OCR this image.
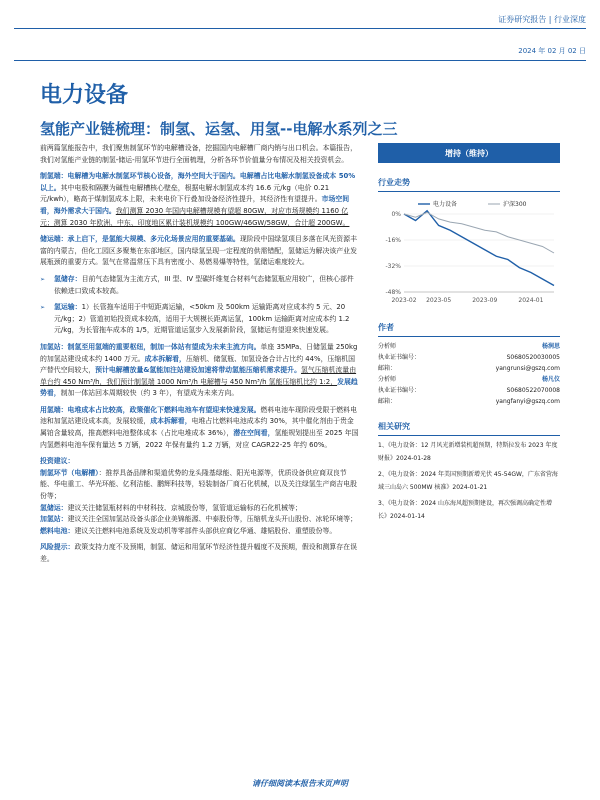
证券研究报告 | 行业深度
2024 年 02 月 02 日
电力设备
氢能产业链梳理：制氢、运氢、用氢--电解水系列之三

前两篇氢能报告中，我们聚焦制氢环节的电解槽设备，挖掘国内电解槽厂商内销与出口机会。本篇报告，我们对氢能产业链的制氢-储运-用氢环节进行全面梳理，分析各环节价值量分布情况及相关投资机会。

制氢端：电解槽为电解水制氢环节核心设备，海外空间大于国内。电解槽占比电解水制氢设备成本 50%以上。其中电极和隔膜为碱性电解槽核心壁垒，根据电解水制氢成本约 16.6 元/kg（电价 0.21 元/kwh），略高于煤制氢成本上限，未来电价下行叠加设备经济性提升，其经济性有望提升。市场空间看，海外需求大于国内。我们测算 2030 年国内电解槽规模有望超 80GW，对应市场规模约 1160 亿元；测算 2030 年欧洲、中东、印度地区累计装机规模约 100GW/46GW/58GW，合计超 200GW。

储运端：承上启下，是氢能大规模、多元化场景应用的重要基础。现阶段中国绿氢项目多落在风光资源丰富的内蒙古，但化工园区多聚集在东部地区，国内绿氢呈现一定程度的供需错配，氢储运为解决该产业发展瓶颈的重要方式。氢气在常温常压下具有密度小、易燃易爆等特性，氢储运难度较大。

➢	氢储存：目前气态储氢为主流方式，III 型、IV 型碳纤维复合材料气态储氢瓶应用较广，但核心部件依赖进口致成本较高。
➢	氢运输：1）长管拖车适用于中短距离运输，<50km 及 500km 运输距离对应成本约 5 元、20 元/kg；2）管道初始投资成本较高，适用于大规模长距离运氢，100km 运输距离对应成本约 1.2 元/kg，为长管拖车成本的 1/5，近期管道运氢步入发展新阶段，氢储运有望迎来快速发展。

加氢站：制氢至用氢端的重要枢纽，制加一体站有望成为未来主流方向。单座 35MPa、日储氢量 250kg 的加氢站建设成本约 1400 万元。成本拆解看，压缩机、储氢瓶、加氢设备合计占比约 44%，压缩机国产替代空间较大，预计电解槽放量&氢能加注站建设加速将带动氢能压缩机需求提升。氢气压缩机流量由单台约 450 Nm³/h，我们预计制氢端 1000 Nm³/h 电解槽与 450 Nm³/h 氢能压缩机比约 1:2，发展趋势看，制加一体站回本周期较快（约 3 年），有望成为未来方向。

用氢端：电堆成本占比较高，政策催化下燃料电池车有望迎来快速发展。燃料电池车现阶段受限于燃料电池和加氢站建设成本高，发展较缓，成本拆解看，电堆占比燃料电池成本约 30%，其中催化剂由于贵金属铂含量较高，推高燃料电池整体成本（占比电堆成本 36%），潜在空间看，氢能规划提出至 2025 年国内氢燃料电池车保有量达 5 万辆，2022 年保有量约 1.2 万辆，对应 CAGR22-25 年约 60%。

投资建议：

制氢环节（电解槽）：推荐具备品牌和渠道优势的龙头隆基绿能、阳光电源等，优质设备供应商双良节能、华电重工、华光环能、亿利洁能、鹏辉科技等，轻装制备厂商石化机械，以及关注绿氢生产商吉电股份等；

氢储运：建议关注储氢瓶材料的中材科技、京城股份等，氢管道运输标的石化机械等；

加氢站：建议关注全国加氢站设备头部企业美锦能源、中泰股份等，压缩机龙头开山股份、冰轮环境等；

燃料电池：建议关注燃料电池系统及发动机等零部件头部供应商亿华通、雄韬股份、重塑股份等。

风险提示：政策支持力度不及预期，制氢、储运和用氢环节经济性提升幅度不及预期，假设和测算存在误差。

增持（维持）
行业走势
0%
-16%
-32%
-48%
2023-02 2023-05	2023-09	2024-01
电力设备	沪深300
作者
分析师	杨润思
执业证书编号：	S0680520030005
邮箱：	yangrunsi@gszq.com
分析师	杨凡仪
执业证书编号：	S0680522070008
邮箱：	yangfanyi@gszq.com
相关研究
1、《电力设备：12 月风光新增装机超预期，特斯拉发布 2023 年度财报》2024-01-28
2、《电力设备：2024 年美国预期新增光伏 45-54GW，广东省营海域三山岛六 500MW 核准》2024-01-21
3、《电力设备：2024 山东海风超预期建设，再次强调高确定性增长》2024-01-14
请仔细阅读本报告末页声明
